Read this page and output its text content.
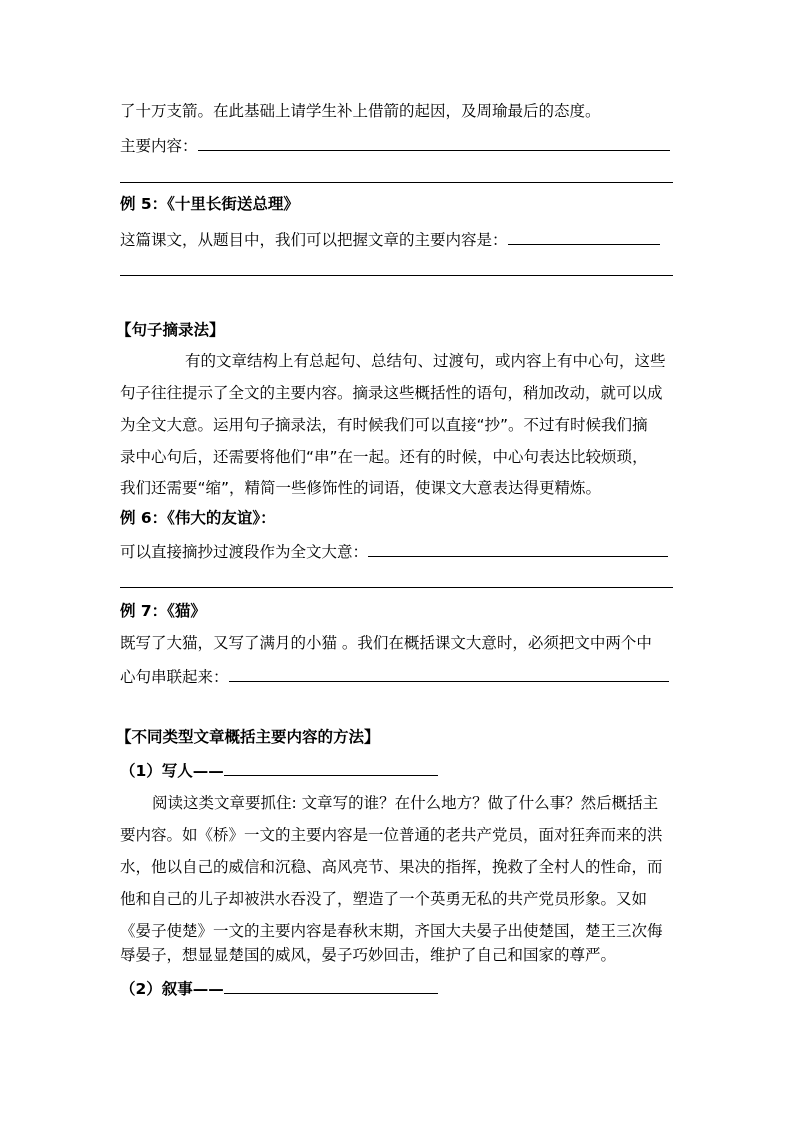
了十万支箭。在此基础上请学生补上借箭的起因，及周瑜最后的态度。
主要内容：
例 5：《十里长街送总理》
这篇课文，从题目中，我们可以把握文章的主要内容是：
【句子摘录法】
有的文章结构上有总起句、总结句、过渡句，或内容上有中心句，这些
句子往往提示了全文的主要内容。摘录这些概括性的语句，稍加改动，就可以成
为全文大意。运用句子摘录法，有时候我们可以直接“抄”。不过有时候我们摘
录中心句后，还需要将他们“串”在一起。还有的时候，中心句表达比较烦琐，
我们还需要“缩”，精简一些修饰性的词语，使课文大意表达得更精炼。
例 6：《伟大的友谊》：
可以直接摘抄过渡段作为全文大意：
例 7：《猫》
既写了大猫，又写了满月的小猫 。我们在概括课文大意时，必须把文中两个中
心句串联起来：
【不同类型文章概括主要内容的方法】
（1）写人——
阅读这类文章要抓住: 文章写的谁？在什么地方？做了什么事？然后概括主
要内容。如《桥》一文的主要内容是一位普通的老共产党员，面对狂奔而来的洪
水，他以自己的威信和沉稳、高风亮节、果决的指挥，挽救了全村人的性命，而
他和自己的儿子却被洪水吞没了，塑造了一个英勇无私的共产党员形象。又如
《晏子使楚》一文的主要内容是春秋末期，齐国大夫晏子出使楚国，楚王三次侮
辱晏子，想显显楚国的威风，晏子巧妙回击，维护了自己和国家的尊严。
（2）叙事——
